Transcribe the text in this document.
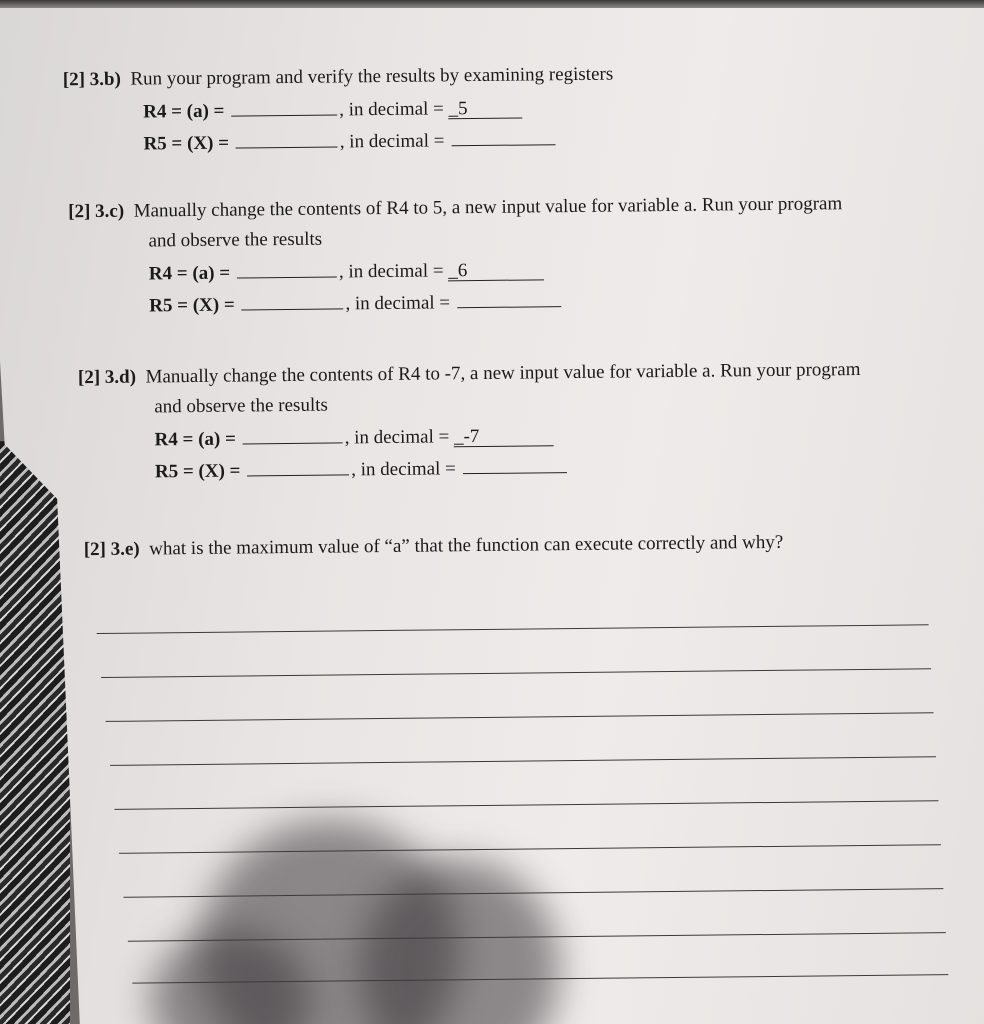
[2] 3.b) Run your program and verify the results by examining registers
R4 = (a) =	, in decimal = _5
R5 = (X) =	, in decimal =
[2] 3.c) Manually change the contents of R4 to 5, a new input value for variable a. Run your program
and observe the results
R4 = (a) =	, in decimal = _6
R5 = (X) =	, in decimal =
[2] 3.d) Manually change the contents of R4 to -7, a new input value for variable a. Run your program
and observe the results
R4 = (a) =	, in decimal = _-7
R5 = (X) =	, in decimal =
[2] 3.e) what is the maximum value of “a” that the function can execute correctly and why?
